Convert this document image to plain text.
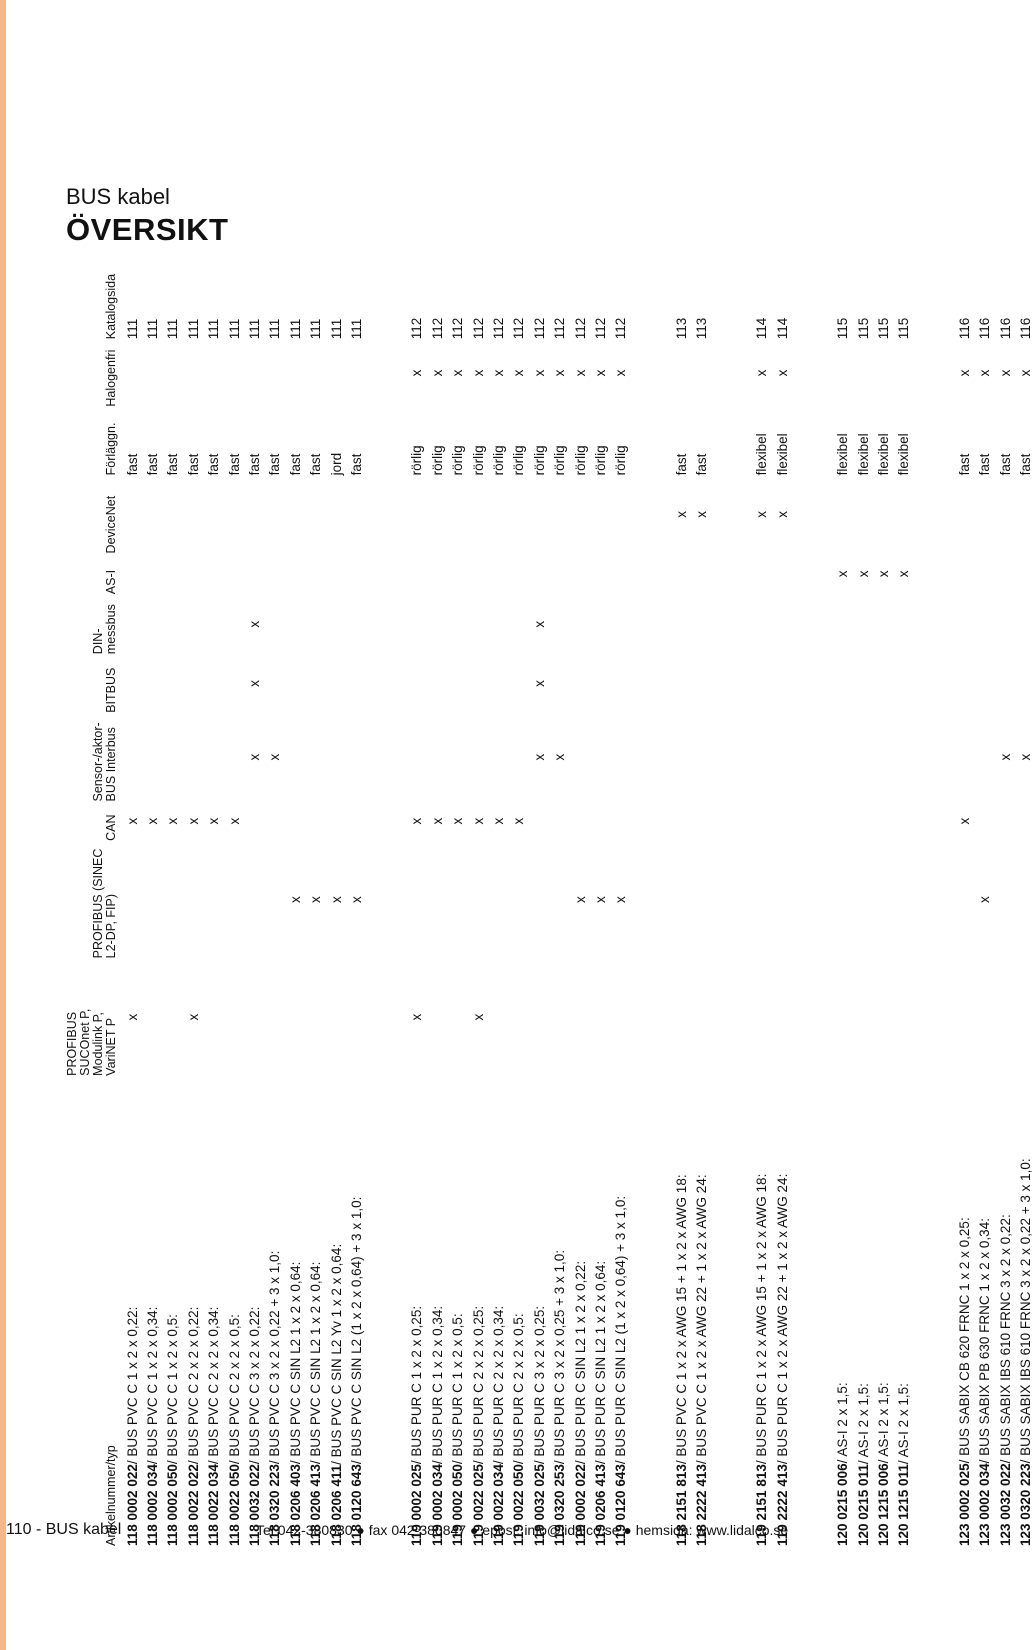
BUS kabel
ÖVERSIKT
Artikelnummer/typ	PROFIBUS SUCOnet P, Modulink P, VariNET P	PROFIBUS (SINEC L2-DP, FIP)	CAN	Sensor-/aktor-BUS Interbus	BITBUS	DIN-messbus	AS-I	DeviceNet	Förläggn.	Halogenfri	Katalogsida
118 0002 022/ BUS PVC C 1 x 2 x 0,22:	x		x						fast		111
118 0002 034/ BUS PVC C 1 x 2 x 0,34:			x						fast		111
118 0002 050/ BUS PVC C 1 x 2 x 0,5:			x						fast		111
118 0022 022/ BUS PVC C 2 x 2 x 0,22:	x		x						fast		111
118 0022 034/ BUS PVC C 2 x 2 x 0,34:			x						fast		111
118 0022 050/ BUS PVC C 2 x 2 x 0,5:			x						fast		111
118 0032 022/ BUS PVC C 3 x 2 x 0,22:				x	x	x			fast		111
118 0320 223/ BUS PVC C 3 x 2 x 0,22 + 3 x 1,0:				x					fast		111
118 0206 403/ BUS PVC C SIN L2 1 x 2 x 0,64:		x							fast		111
118 0206 413/ BUS PVC C SIN L2 1 x 2 x 0,64:		x							fast		111
118 0206 411/ BUS PVC C SIN L2 Yv 1 x 2 x 0,64:		x							jord		111
118 0120 643/ BUS PVC C SIN L2 (1 x 2 x 0,64) + 3 x 1,0:		x							fast		111

119 0002 025/ BUS PUR C 1 x 2 x 0,25:	x		x						rörlig	x	112
119 0002 034/ BUS PUR C 1 x 2 x 0,34:			x						rörlig	x	112
119 0002 050/ BUS PUR C 1 x 2 x 0,5:			x						rörlig	x	112
119 0022 025/ BUS PUR C 2 x 2 x 0,25:	x		x						rörlig	x	112
119 0022 034/ BUS PUR C 2 x 2 x 0,34:			x						rörlig	x	112
119 0022 050/ BUS PUR C 2 x 2 x 0,5:			x						rörlig	x	112
119 0032 025/ BUS PUR C 3 x 2 x 0,25:				x	x	x			rörlig	x	112
119 0320 253/ BUS PUR C 3 x 2 x 0,25 + 3 x 1,0:				x					rörlig	x	112
119 0002 022/ BUS PUR C SIN L2 1 x 2 x 0,22:		x							rörlig	x	112
119 0206 413/ BUS PUR C SIN L2 1 x 2 x 0,64:		x							rörlig	x	112
119 0120 643/ BUS PUR C SIN L2 (1 x 2 x 0,64) + 3 x 1,0:		x							rörlig	x	112

118 2151 813/ BUS PVC C 1 x 2 x AWG 15 + 1 x 2 x AWG 18:								x	fast		113
118 2222 413/ BUS PVC C 1 x 2 x AWG 22 + 1 x 2 x AWG 24:								x	fast		113

119 2151 813/ BUS PUR C 1 x 2 x AWG 15 + 1 x 2 x AWG 18:								x	flexibel	x	114
119 2222 413/ BUS PUR C 1 x 2 x AWG 22 + 1 x 2 x AWG 24:								x	flexibel	x	114

120 0215 006/ AS-I 2 x 1,5:							x		flexibel		115
120 0215 011/ AS-I 2 x 1,5:							x		flexibel		115
120 1215 006/ AS-I 2 x 1,5:							x		flexibel		115
120 1215 011/ AS-I 2 x 1,5:							x		flexibel		115

123 0002 025/ BUS SABIX CB 620 FRNC 1 x 2 x 0,25:			x						fast	x	116
123 0002 034/ BUS SABIX PB 630 FRNC 1 x 2 x 0,34:		x							fast	x	116
123 0032 022/ BUS SABIX IBS 610 FRNC 3 x 2 x 0,22:				x					fast	x	116
123 0320 223/ BUS SABIX IBS 610 FRNC 3 x 2 x 0,22 + 3 x 1,0:				x					fast	x	116
110 - BUS kabel	Tel 042-380830 ● fax 042-380847 ● epost: info@lidalco.se ● hemsida: www.lidalco.se
